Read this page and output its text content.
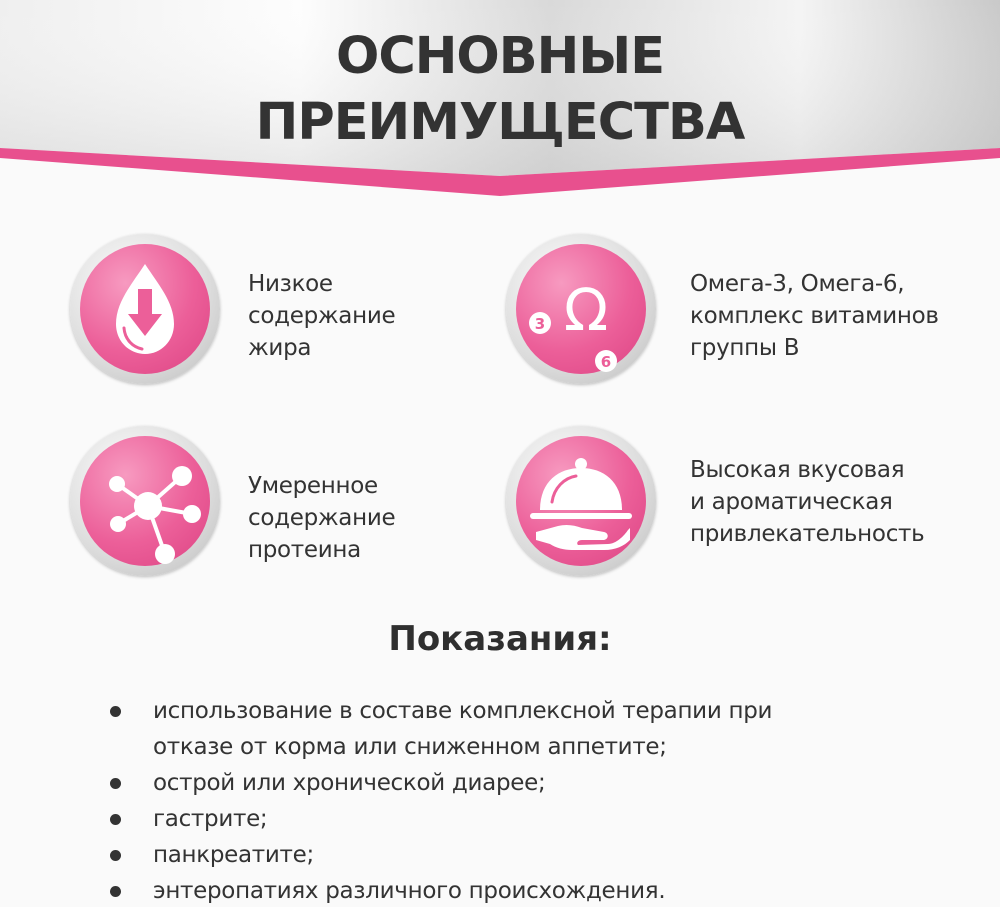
ОСНОВНЫЕ
ПРЕИМУЩЕСТВА
Низкое
содержание
жира
Ω
3
6
Омега-3, Омега-6,
комплекс витаминов
группы В
Умеренное
содержание
протеина
Высокая вкусовая
и ароматическая
привлекательность
Показания:
использование в составе комплексной терапии при
отказе от корма или сниженном аппетите;
острой или хронической диарее;
гастрите;
панкреатите;
энтеропатиях различного происхождения.
